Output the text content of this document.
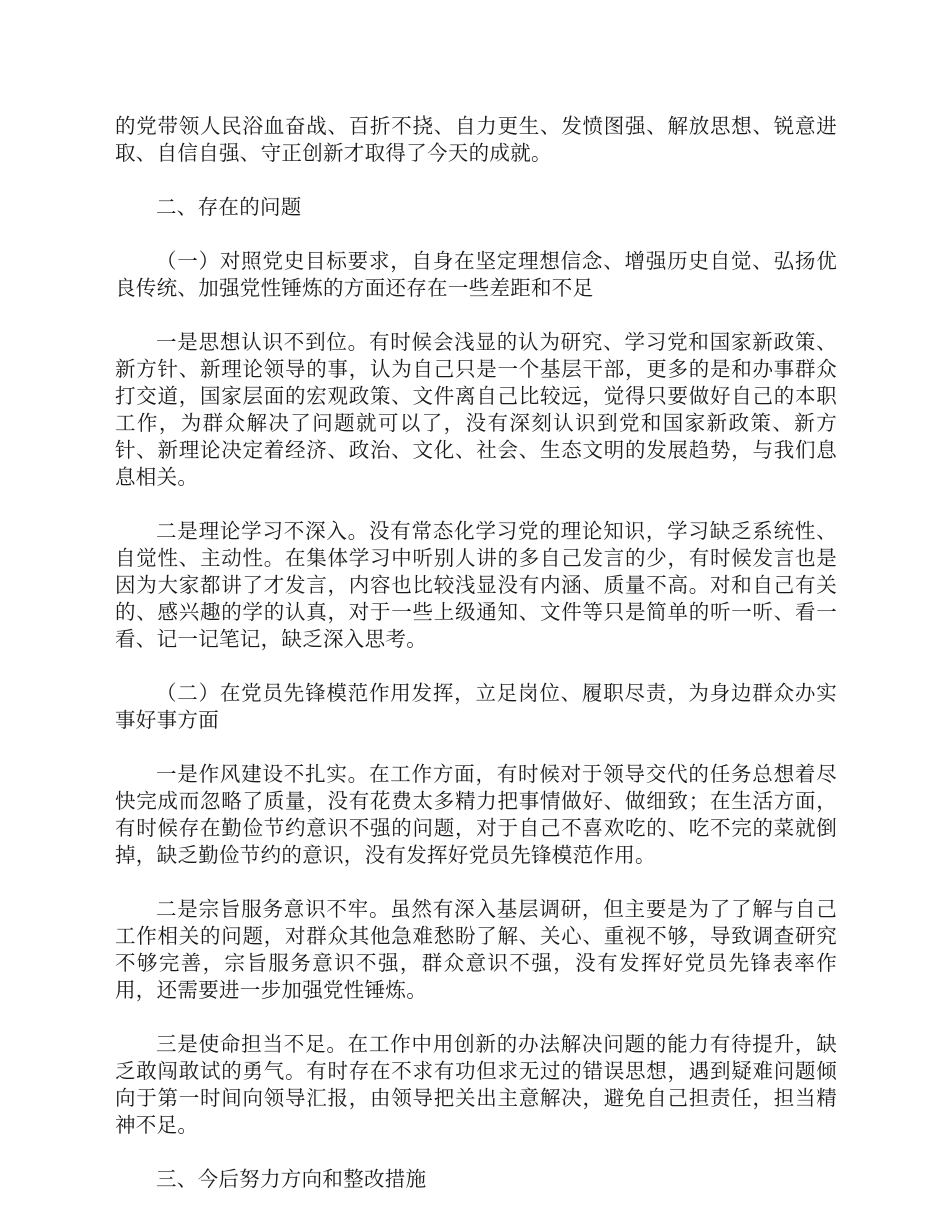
的党带领人民浴血奋战、百折不挠、自力更生、发愤图强、解放思想、锐意进取、自信自强、守正创新才取得了今天的成就。

二、存在的问题

（一）对照党史目标要求，自身在坚定理想信念、增强历史自觉、弘扬优良传统、加强党性锤炼的方面还存在一些差距和不足

一是思想认识不到位。有时候会浅显的认为研究、学习党和国家新政策、新方针、新理论领导的事，认为自己只是一个基层干部，更多的是和办事群众打交道，国家层面的宏观政策、文件离自己比较远，觉得只要做好自己的本职工作，为群众解决了问题就可以了，没有深刻认识到党和国家新政策、新方针、新理论决定着经济、政治、文化、社会、生态文明的发展趋势，与我们息息相关。

二是理论学习不深入。没有常态化学习党的理论知识，学习缺乏系统性、自觉性、主动性。在集体学习中听别人讲的多自己发言的少，有时候发言也是因为大家都讲了才发言，内容也比较浅显没有内涵、质量不高。对和自己有关的、感兴趣的学的认真，对于一些上级通知、文件等只是简单的听一听、看一看、记一记笔记，缺乏深入思考。

（二）在党员先锋模范作用发挥，立足岗位、履职尽责，为身边群众办实事好事方面

一是作风建设不扎实。在工作方面，有时候对于领导交代的任务总想着尽快完成而忽略了质量，没有花费太多精力把事情做好、做细致；在生活方面，有时候存在勤俭节约意识不强的问题，对于自己不喜欢吃的、吃不完的菜就倒掉，缺乏勤俭节约的意识，没有发挥好党员先锋模范作用。

二是宗旨服务意识不牢。虽然有深入基层调研，但主要是为了了解与自己工作相关的问题，对群众其他急难愁盼了解、关心、重视不够，导致调查研究不够完善，宗旨服务意识不强，群众意识不强，没有发挥好党员先锋表率作用，还需要进一步加强党性锤炼。

三是使命担当不足。在工作中用创新的办法解决问题的能力有待提升，缺乏敢闯敢试的勇气。有时存在不求有功但求无过的错误思想，遇到疑难问题倾向于第一时间向领导汇报，由领导把关出主意解决，避免自己担责任，担当精神不足。

三、今后努力方向和整改措施
